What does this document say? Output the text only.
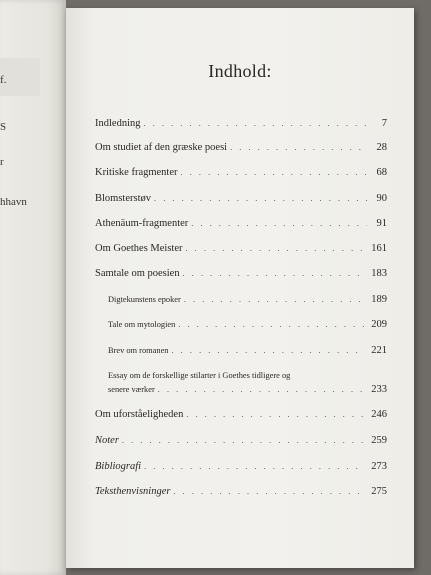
f.
S
r
hhavn
Indhold:
Indledning . . .	7
Om studiet af den græske poesi . . .	28
Kritiske fragmenter . . .	68
Blomsterstøv . . .	90
Athenäum-fragmenter . . .	91
Om Goethes Meister . . .	161
Samtale om poesien . . .	183
Digtekunstens epoker . . .	189
Tale om mytologien . . .	209
Brev om romanen . . .	221
Essay om de forskellige stilarter i Goethes tidligere og
senere værker . . .	233
Om uforståeligheden . . .	246
Noter . . .	259
Bibliografi . . .	273
Teksthenvisninger . . .	275
